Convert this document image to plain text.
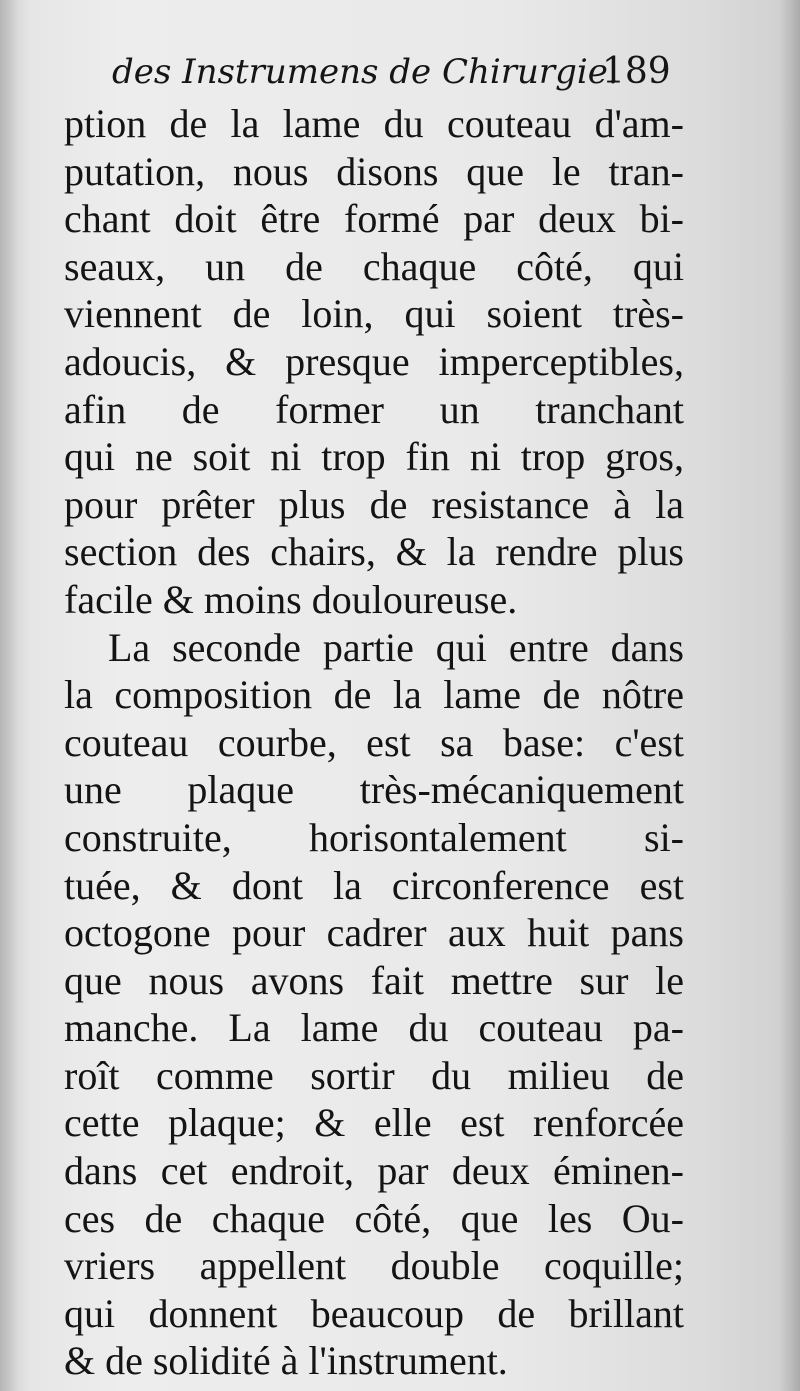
des Instrumens de Chirurgie.
189
ption de la lame du couteau d'am-
putation, nous disons que le tran-
chant doit être formé par deux bi-
seaux, un de chaque côté, qui
viennent de loin, qui soient très-
adoucis, & presque imperceptibles,
afin de former un tranchant
qui ne soit ni trop fin ni trop gros,
pour prêter plus de resistance à la
section des chairs, & la rendre plus
facile & moins douloureuse.
La seconde partie qui entre dans
la composition de la lame de nôtre
couteau courbe, est sa base: c'est
une plaque très-mécaniquement
construite, horisontalement si-
tuée, & dont la circonference est
octogone pour cadrer aux huit pans
que nous avons fait mettre sur le
manche. La lame du couteau pa-
roît comme sortir du milieu de
cette plaque; & elle est renforcée
dans cet endroit, par deux éminen-
ces de chaque côté, que les Ou-
vriers appellent double coquille;
qui donnent beaucoup de brillant
& de solidité à l'instrument.
